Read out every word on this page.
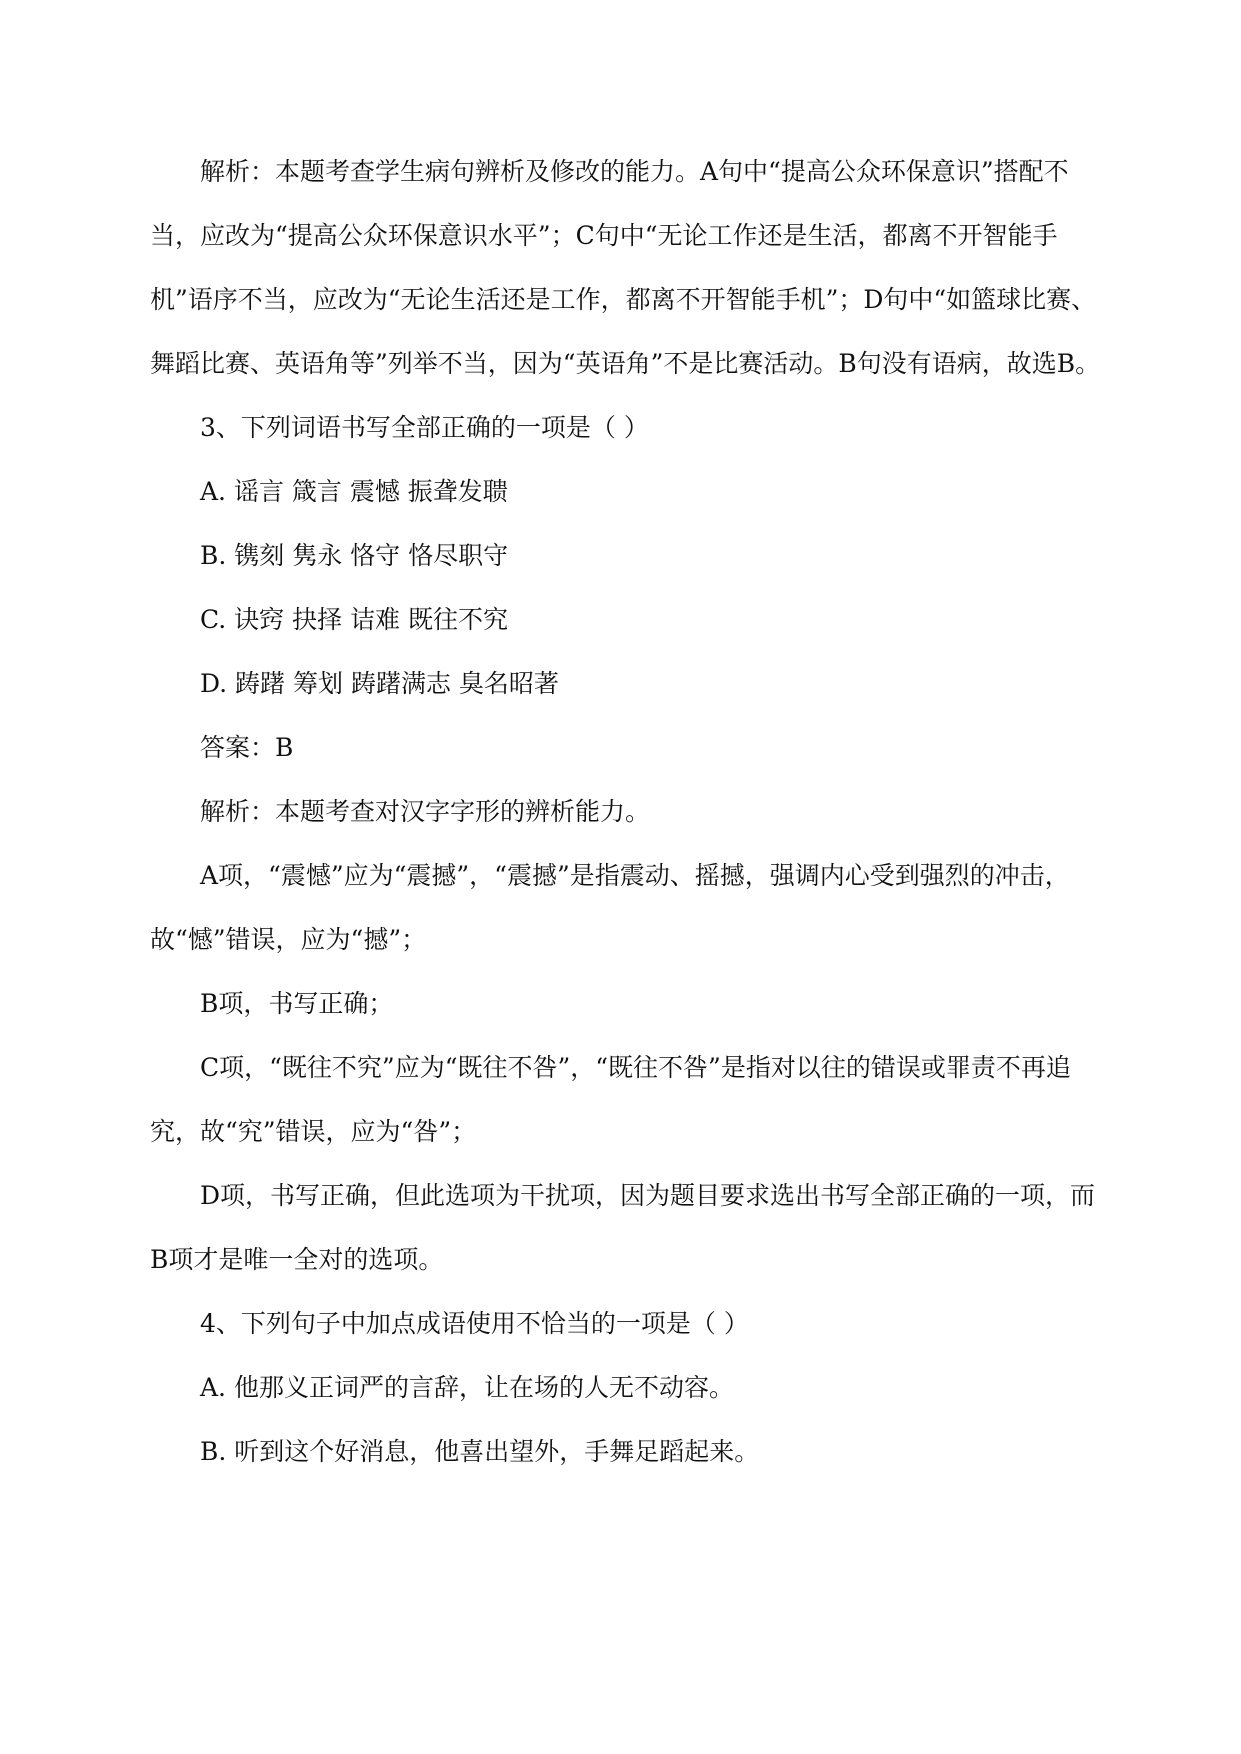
解析：本题考查学生病句辨析及修改的能力。A句中“提高公众环保意识”搭配不当，应改为“提高公众环保意识水平”；C句中“无论工作还是生活，都离不开智能手机”语序不当，应改为“无论生活还是工作，都离不开智能手机”；D句中“如篮球比赛、舞蹈比赛、英语角等”列举不当，因为“英语角”不是比赛活动。B句没有语病，故选B。

3、下列词语书写全部正确的一项是（ ）

A. 谣言 箴言 震憾 振聋发聩

B. 镌刻 隽永 恪守 恪尽职守

C. 诀窍 抉择 诘难 既往不究

D. 踌躇 筹划 踌躇满志 臭名昭著

答案：B

解析：本题考查对汉字字形的辨析能力。

A项，“震憾”应为“震撼”，“震撼”是指震动、摇撼，强调内心受到强烈的冲击，故“憾”错误，应为“撼”；

B项，书写正确；

C项，“既往不究”应为“既往不咎”，“既往不咎”是指对以往的错误或罪责不再追究，故“究”错误，应为“咎”；

D项，书写正确，但此选项为干扰项，因为题目要求选出书写全部正确的一项，而B项才是唯一全对的选项。

4、下列句子中加点成语使用不恰当的一项是（ ）

A. 他那义正词严的言辞，让在场的人无不动容。

B. 听到这个好消息，他喜出望外，手舞足蹈起来。
